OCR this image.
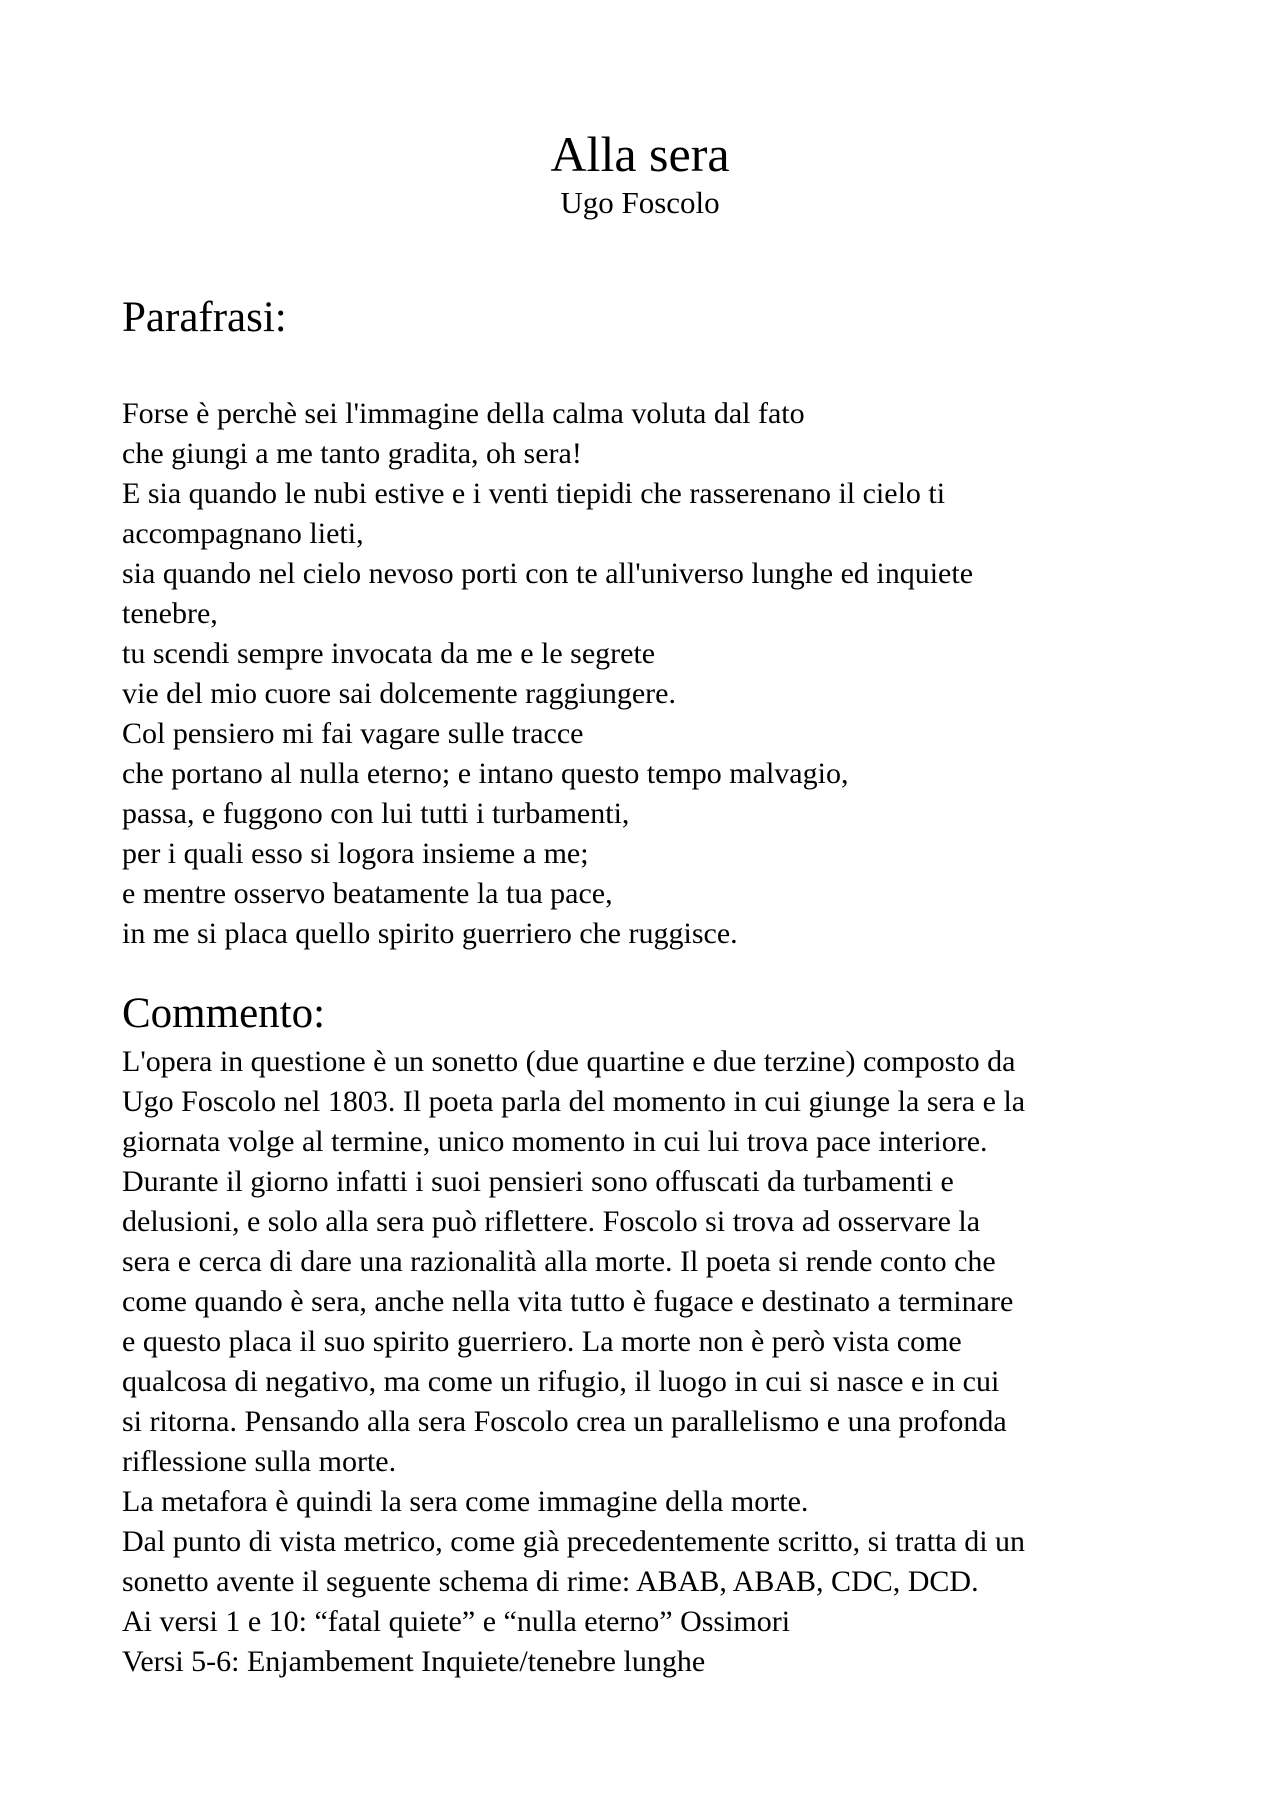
Alla sera

Ugo Foscolo

Parafrasi:
Forse è perchè sei l'immagine della calma voluta dal fato
che giungi a me tanto gradita, oh sera!
E sia quando le nubi estive e i venti tiepidi che rasserenano il cielo ti
accompagnano lieti,
sia quando nel cielo nevoso porti con te all'universo lunghe ed inquiete
tenebre,
tu scendi sempre invocata da me e le segrete
vie del mio cuore sai dolcemente raggiungere.
Col pensiero mi fai vagare sulle tracce
che portano al nulla eterno; e intano questo tempo malvagio,
passa, e fuggono con lui tutti i turbamenti,
per i quali esso si logora insieme a me;
e mentre osservo beatamente la tua pace,
in me si placa quello spirito guerriero che ruggisce.
Commento:
L'opera in questione è un sonetto (due quartine e due terzine) composto da
Ugo Foscolo nel 1803. Il poeta parla del momento in cui giunge la sera e la
giornata volge al termine, unico momento in cui lui trova pace interiore.
Durante il giorno infatti i suoi pensieri sono offuscati da turbamenti e
delusioni, e solo alla sera può riflettere. Foscolo si trova ad osservare la
sera e cerca di dare una razionalità alla morte. Il poeta si rende conto che
come quando è sera, anche nella vita tutto è fugace e destinato a terminare
e questo placa il suo spirito guerriero. La morte non è però vista come
qualcosa di negativo, ma come un rifugio, il luogo in cui si nasce e in cui
si ritorna. Pensando alla sera Foscolo crea un parallelismo e una profonda
riflessione sulla morte.
La metafora è quindi la sera come immagine della morte.
Dal punto di vista metrico, come già precedentemente scritto, si tratta di un
sonetto avente il seguente schema di rime: ABAB, ABAB, CDC, DCD.
Ai versi 1 e 10: “fatal quiete” e “nulla eterno” Ossimori
Versi 5-6: Enjambement Inquiete/tenebre lunghe
